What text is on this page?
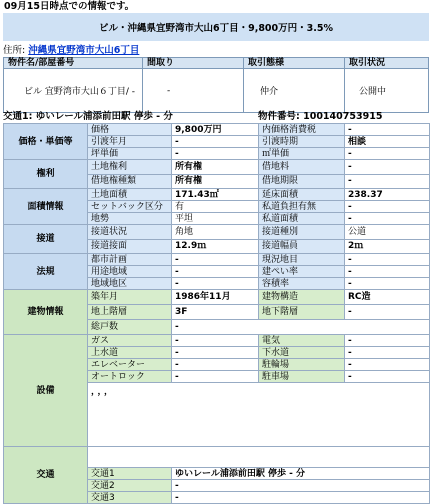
09月15日時点での情報です。
ビル・沖縄県宜野湾市大山6丁目・9,800万円・3.5%
住所: 沖縄県宜野湾市大山6丁目
物件名/部屋番号	間取り	取引態様	取引状況
ビル 宜野湾市大山６丁目/ -	-	仲介	公開中
交通1: ゆいレール浦添前田駅 停歩 - 分	物件番号: 100140753915
価格・単価等	価格	9,800万円	内価格消費税	-
	引渡年月	-	引渡時期	相談
	坪単価	-	㎡単価	-
権利	土地権利	所有権	借地料	-
	借地権種類	所有権	借地期限	-
面積情報	土地面積	171.43㎡	延床面積	238.37
	セットバック区分	有	私道負担有無	-
	地勢	平坦	私道面積	-
接道	接道状況	角地	接道種別	公道
	接道接面	12.9ｍ	接道幅員	2ｍ
法規	都市計画	-	現況地目	-
	用途地域	-	建ぺい率	-
	地域地区	-	容積率	-
建物情報	築年月	1986年11月	建物構造	RC造
	地上階層	3F	地下階層	-
	総戸数	-		
設備	ガス	-	電気	-
	上水道	-	下水道	-
	エレベーター	-	駐輪場	-
	オートロック	-	駐車場	-
	，，，			
交通				
	交通1	ゆいレール浦添前田駅 停歩 - 分		
	交通2	-		
	交通3	-		
